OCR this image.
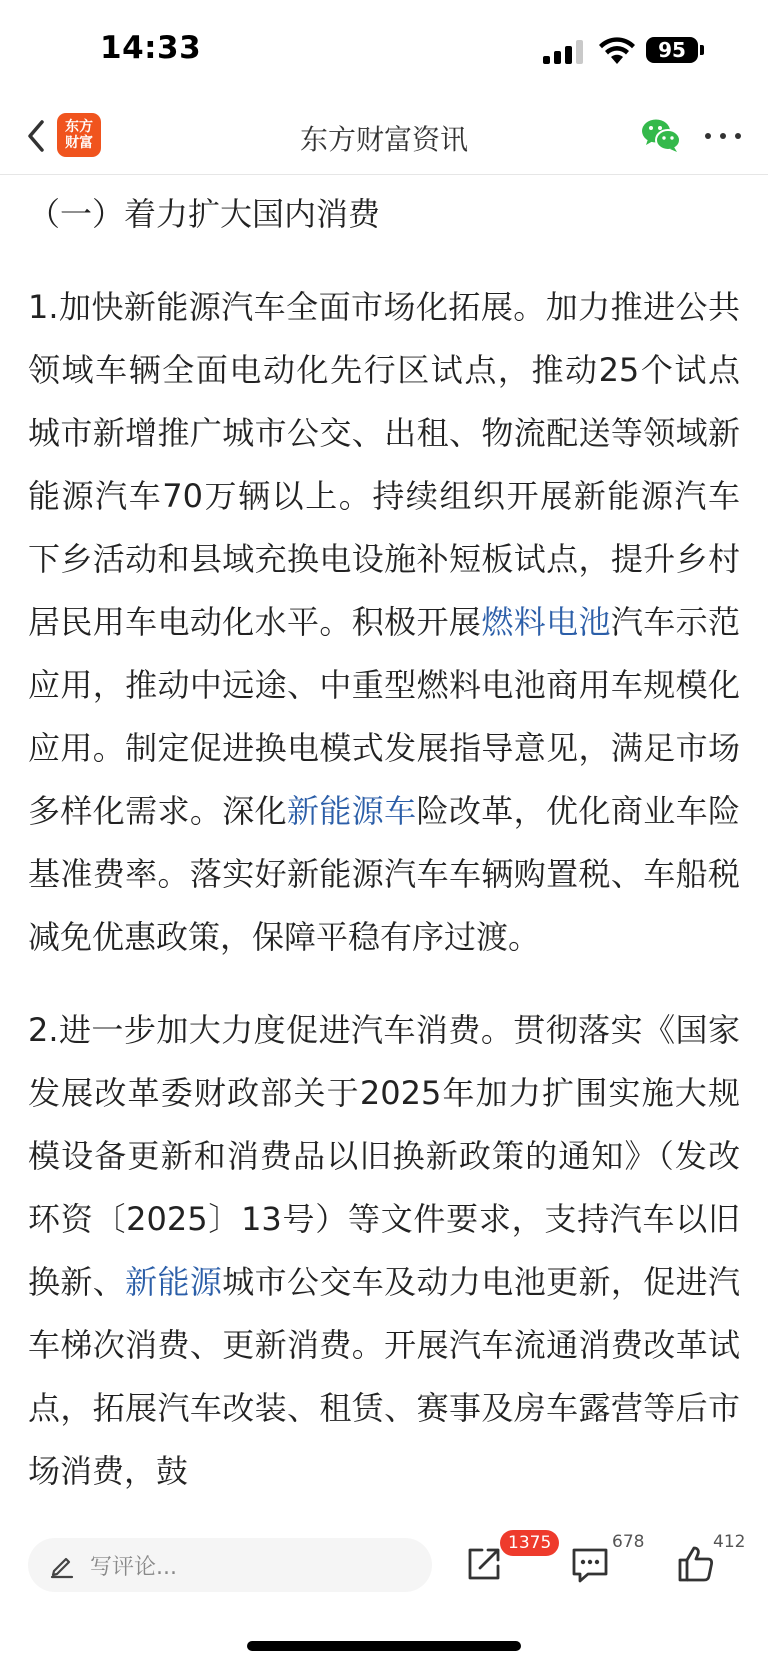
14:33	95
东方财富	东方财富资讯
（一）着力扩大国内消费

1.加快新能源汽车全面市场化拓展。加力推进公共领域车辆全面电动化先行区试点，推动25个试点城市新增推广城市公交、出租、物流配送等领域新能源汽车70万辆以上。持续组织开展新能源汽车下乡活动和县域充换电设施补短板试点，提升乡村居民用车电动化水平。积极开展燃料电池汽车示范应用，推动中远途、中重型燃料电池商用车规模化应用。制定促进换电模式发展指导意见，满足市场多样化需求。深化新能源车险改革，优化商业车险基准费率。落实好新能源汽车车辆购置税、车船税减免优惠政策，保障平稳有序过渡。

2.进一步加大力度促进汽车消费。贯彻落实《国家发展改革委财政部关于2025年加力扩围实施大规模设备更新和消费品以旧换新政策的通知》（发改环资〔2025〕13号）等文件要求，支持汽车以旧换新、新能源城市公交车及动力电池更新，促进汽车梯次消费、更新消费。开展汽车流通消费改革试点，拓展汽车改装、租赁、赛事及房车露营等后市场消费，鼓

写评论...
1375	678	412
